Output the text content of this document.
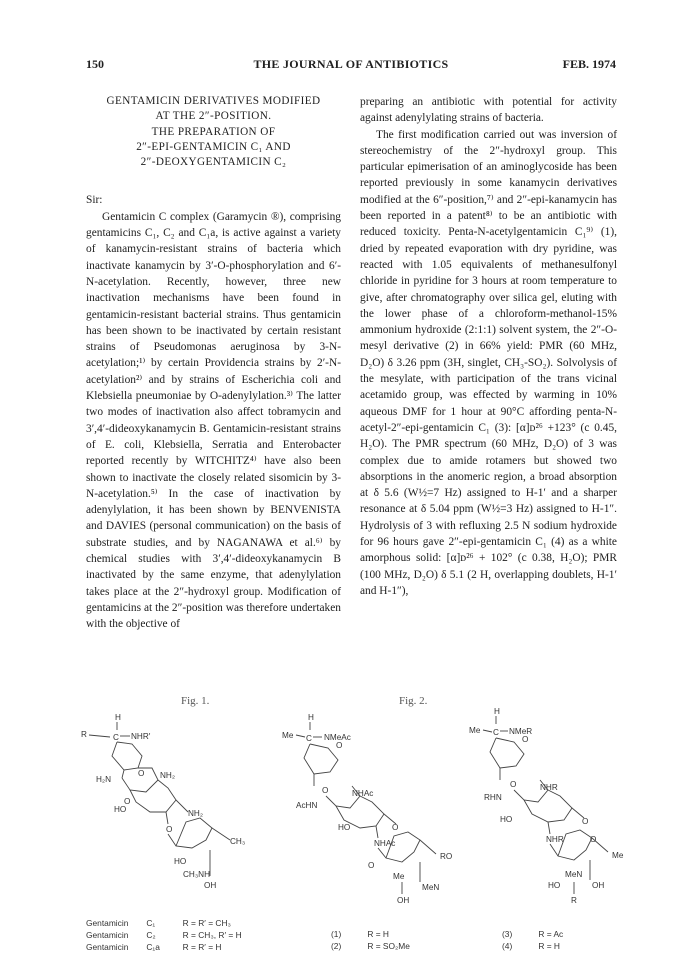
150	THE JOURNAL OF ANTIBIOTICS	FEB. 1974
GENTAMICIN DERIVATIVES MODIFIED
AT THE 2″-POSITION.
THE PREPARATION OF
2″-EPI-GENTAMICIN C₁ AND
2″-DEOXYGENTAMICIN C₂

Sir:

Gentamicin C complex (Garamycin ®), comprising gentamicins C₁, C₂ and C₁a, is active against a variety of kanamycin-resistant strains of bacteria which inactivate kanamycin by 3′-O-phosphorylation and 6′-N-acetylation. Recently, however, three new inactivation mechanisms have been found in gentamicin-resistant bacterial strains. Thus gentamicin has been shown to be inactivated by certain resistant strains of Pseudomonas aeruginosa by 3-N-acetylation;¹⁾ by certain Providencia strains by 2′-N-acetylation²⁾ and by strains of Escherichia coli and Klebsiella pneumoniae by O-adenylylation.³⁾ The latter two modes of inactivation also affect tobramycin and 3′,4′-dideoxykanamycin B. Gentamicin-resistant strains of E. coli, Klebsiella, Serratia and Enterobacter reported recently by WITCHITZ⁴⁾ have also been shown to inactivate the closely related sisomicin by 3-N-acetylation.⁵⁾ In the case of inactivation by adenylylation, it has been shown by BENVENISTA and DAVIES (personal communication) on the basis of substrate studies, and by NAGANAWA et al.⁶⁾ by chemical studies with 3′,4′-dideoxykanamycin B inactivated by the same enzyme, that adenylylation takes place at the 2″-hydroxyl group. Modification of gentamicins at the 2″-position was therefore undertaken with the objective of

preparing an antibiotic with potential for activity against adenylylating strains of bacteria.

The first modification carried out was inversion of stereochemistry of the 2″-hydroxyl group. This particular epimerisation of an aminoglycoside has been reported previously in some kanamycin derivatives modified at the 6″-position,⁷⁾ and 2″-epi-kanamycin has been reported in a patent⁸⁾ to be an antibiotic with reduced toxicity. Penta-N-acetylgentamicin C₁⁹⁾ (1), dried by repeated evaporation with dry pyridine, was reacted with 1.05 equivalents of methanesulfonyl chloride in pyridine for 3 hours at room temperature to give, after chromatography over silica gel, eluting with the lower phase of a chloroform-methanol-15% ammonium hydroxide (2:1:1) solvent system, the 2″-O-mesyl derivative (2) in 66% yield: PMR (60 MHz, D₂O) δ 3.26 ppm (3H, singlet, CH₃-SO₂). Solvolysis of the mesylate, with participation of the trans vicinal acetamido group, was effected by warming in 10% aqueous DMF for 1 hour at 90°C affording penta-N-acetyl-2″-epi-gentamicin C₁ (3): [α]ᴅ²⁶ +123° (c 0.45, H₂O). The PMR spectrum (60 MHz, D₂O) of 3 was complex due to amide rotamers but showed two absorptions in the anomeric region, a broad absorption at δ 5.6 (W½=7 Hz) assigned to H-1′ and a sharper resonance at δ 5.04 ppm (W½=3 Hz) assigned to H-1″. Hydrolysis of 3 with refluxing 2.5 N sodium hydroxide for 96 hours gave 2″-epi-gentamicin C₁ (4) as a white amorphous solid: [α]ᴅ²⁶ + 102° (c 0.38, H₂O); PMR (100 MHz, D₂O) δ 5.1 (2 H, overlapping doublets, H-1′ and H-1″),

Fig. 1.	Fig. 2.
H
R	C NHR′
H₂N
O NH₂
HO
O
NH₂
O
HO
CH₃
CH₃NH
OH
H
Me C NMeAc
O
AcHN
O	NHAc
HO	O
NHAc
O
RO
Me
MeN
OH
H
Me C NMeR
O
RHN
O	NHR
HO	O
NHR	O
Me
HO
MeN
OH
R
Gentamicin C₁	R = R′ = CH₃
Gentamicin C₂	R = CH₃, R′ = H
Gentamicin C₁a	R = R′ = H
(1)	R = H
(2)	R = SO₂Me
(3)	R = Ac
(4)	R = H
